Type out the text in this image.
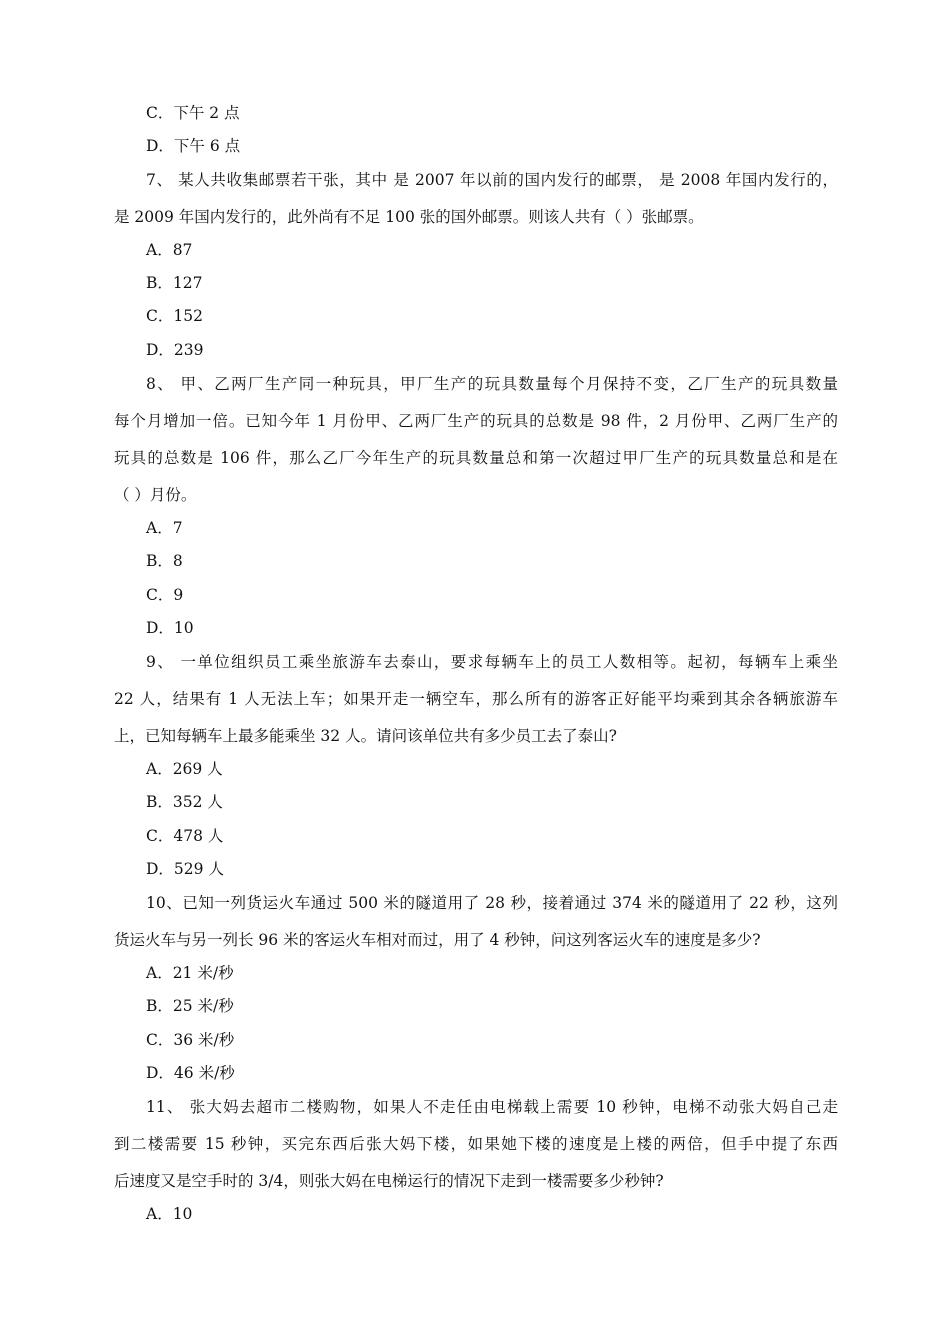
C．下午 2 点
D．下午 6 点
7、 某人共收集邮票若干张，其中 是 2007 年以前的国内发行的邮票， 是 2008 年国内发行的，
是 2009 年国内发行的，此外尚有不足 100 张的国外邮票。则该人共有（ ）张邮票。
A．87
B．127
C．152
D．239
8、 甲、乙两厂生产同一种玩具，甲厂生产的玩具数量每个月保持不变，乙厂生产的玩具数量
每个月增加一倍。已知今年 1 月份甲、乙两厂生产的玩具的总数是 98 件，2 月份甲、乙两厂生产的
玩具的总数是 106 件，那么乙厂今年生产的玩具数量总和第一次超过甲厂生产的玩具数量总和是在
（ ）月份。
A．7
B．8
C．9
D．10
9、 一单位组织员工乘坐旅游车去泰山，要求每辆车上的员工人数相等。起初，每辆车上乘坐
22 人，结果有 1 人无法上车；如果开走一辆空车，那么所有的游客正好能平均乘到其余各辆旅游车
上，已知每辆车上最多能乘坐 32 人。请问该单位共有多少员工去了泰山?
A．269 人
B．352 人
C．478 人
D．529 人
10、已知一列货运火车通过 500 米的隧道用了 28 秒，接着通过 374 米的隧道用了 22 秒，这列
货运火车与另一列长 96 米的客运火车相对而过，用了 4 秒钟，问这列客运火车的速度是多少?
A．21 米/秒
B．25 米/秒
C．36 米/秒
D．46 米/秒
11、 张大妈去超市二楼购物，如果人不走任由电梯载上需要 10 秒钟，电梯不动张大妈自己走
到二楼需要 15 秒钟，买完东西后张大妈下楼，如果她下楼的速度是上楼的两倍，但手中提了东西
后速度又是空手时的 3/4，则张大妈在电梯运行的情况下走到一楼需要多少秒钟?
A．10
